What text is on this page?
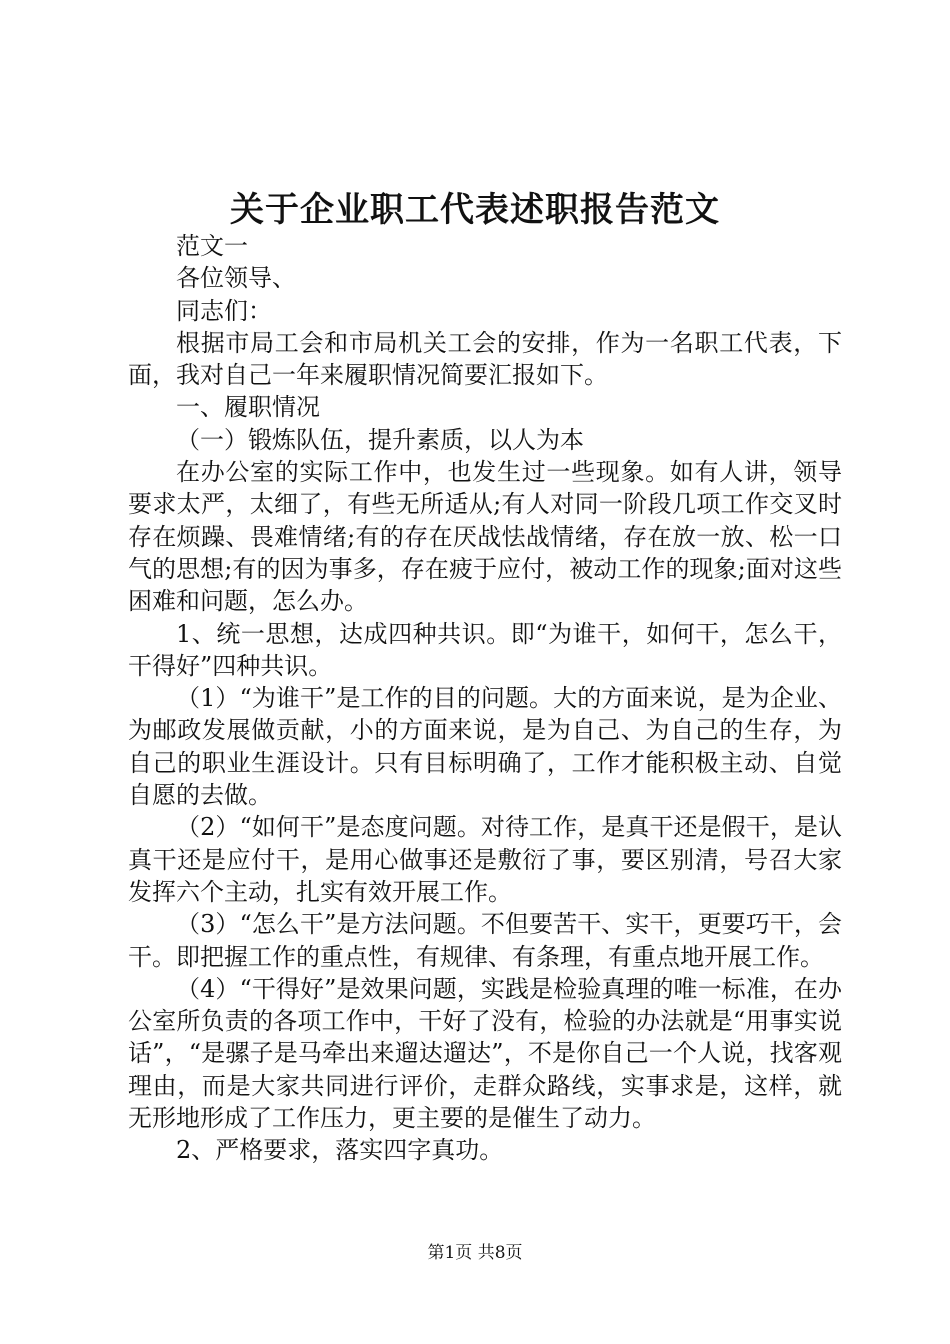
关于企业职工代表述职报告范文

范文一

各位领导、

同志们：

根据市局工会和市局机关工会的安排，作为一名职工代表，下面，我对自己一年来履职情况简要汇报如下。

一、履职情况

（一）锻炼队伍，提升素质，以人为本

在办公室的实际工作中，也发生过一些现象。如有人讲，领导要求太严，太细了，有些无所适从;有人对同一阶段几项工作交叉时存在烦躁、畏难情绪;有的存在厌战怯战情绪，存在放一放、松一口气的思想;有的因为事多，存在疲于应付，被动工作的现象;面对这些困难和问题，怎么办。

1、统一思想，达成四种共识。即“为谁干，如何干，怎么干，干得好”四种共识。

（1）“为谁干”是工作的目的问题。大的方面来说，是为企业、为邮政发展做贡献，小的方面来说，是为自己、为自己的生存，为自己的职业生涯设计。只有目标明确了，工作才能积极主动、自觉自愿的去做。

（2）“如何干”是态度问题。对待工作，是真干还是假干，是认真干还是应付干，是用心做事还是敷衍了事，要区别清，号召大家发挥六个主动，扎实有效开展工作。

（3）“怎么干”是方法问题。不但要苦干、实干，更要巧干，会干。即把握工作的重点性，有规律、有条理，有重点地开展工作。

（4）“干得好”是效果问题，实践是检验真理的唯一标准，在办公室所负责的各项工作中，干好了没有，检验的办法就是“用事实说话”，“是骡子是马牵出来遛达遛达”，不是你自己一个人说，找客观理由，而是大家共同进行评价，走群众路线，实事求是，这样，就无形地形成了工作压力，更主要的是催生了动力。

2、严格要求，落实四字真功。

第1页 共8页
